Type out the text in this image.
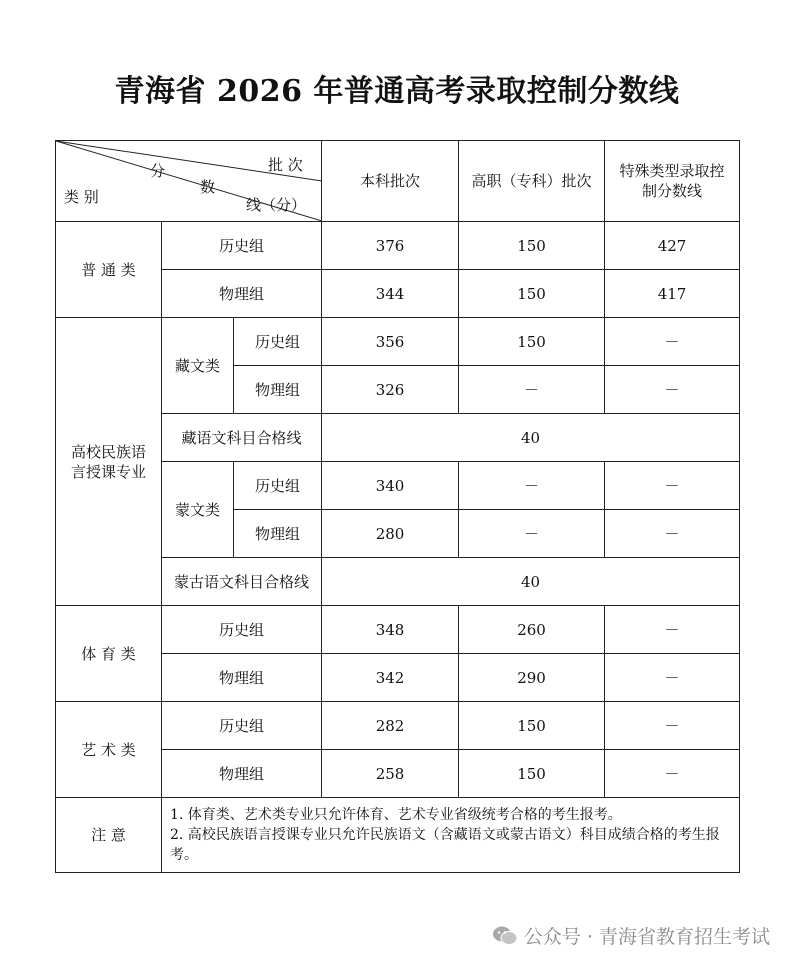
青海省 2026 年普通高考录取控制分数线
批 次
分
数
线（分）
类 别			本科批次	高职（专科）批次	特殊类型录取控制分数线
普 通 类	历史组		376	150	427
	物理组		344	150	417
高校民族语言授课专业	藏文类	历史组	356	150	－
		物理组	326	－	－
	藏语文科目合格线		40		
	蒙文类	历史组	340	－	－
		物理组	280	－	－
	蒙古语文科目合格线		40		
体 育 类	历史组		348	260	－
	物理组		342	290	－
艺 术 类	历史组		282	150	－
	物理组		258	150	－
注 意	1. 体育类、艺术类专业只允许体育、艺术专业省级统考合格的考生报考。
2. 高校民族语言授课专业只允许民族语文（含藏语文或蒙古语文）科目成绩合格的考生报考。				
公众号 · 青海省教育招生考试
